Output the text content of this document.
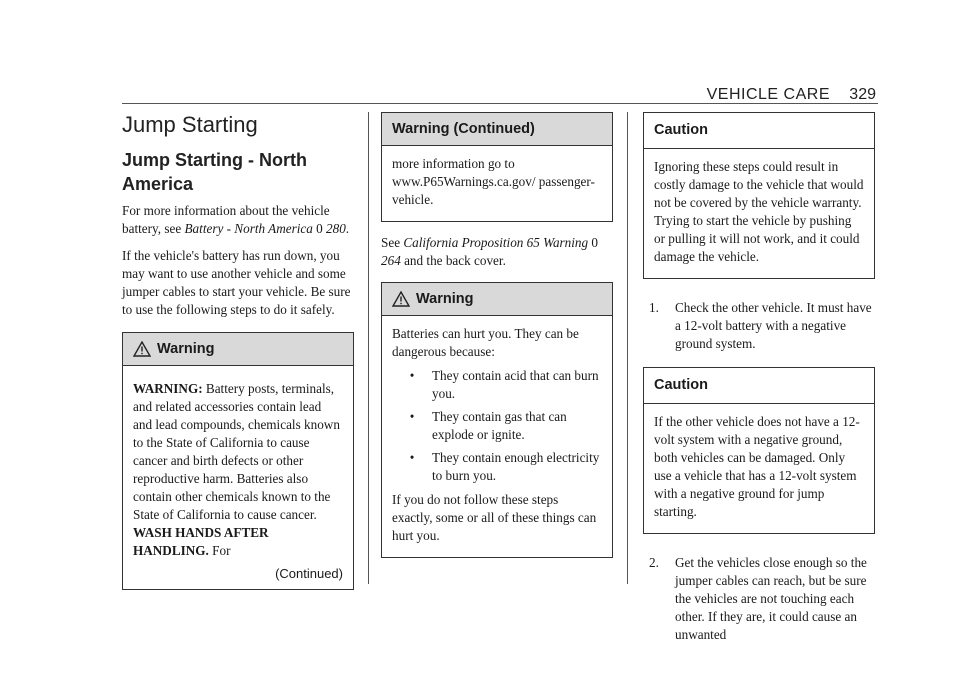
VEHICLE CARE 329
Jump Starting
Jump Starting - North America

For more information about the vehicle battery, see Battery - North America 0 280.

If the vehicle's battery has run down, you may want to use another vehicle and some jumper cables to start your vehicle. Be sure to use the following steps to do it safely.

Warning

WARNING: Battery posts, terminals, and related accessories contain lead and lead compounds, chemicals known to the State of California to cause cancer and birth defects or other reproductive harm. Batteries also contain other chemicals known to the State of California to cause cancer. WASH HANDS AFTER HANDLING. For

(Continued)
Warning (Continued)

more information go to www.P65Warnings.ca.gov/ passenger-vehicle.

See California Proposition 65 Warning 0 264 and the back cover.

Warning

Batteries can hurt you. They can be dangerous because:

•	They contain acid that can burn you.
•	They contain gas that can explode or ignite.
•	They contain enough electricity to burn you.

If you do not follow these steps exactly, some or all of these things can hurt you.

Caution

Ignoring these steps could result in costly damage to the vehicle that would not be covered by the vehicle warranty. Trying to start the vehicle by pushing or pulling it will not work, and it could damage the vehicle.

1.	Check the other vehicle. It must have a 12-volt battery with a negative ground system.
Caution

If the other vehicle does not have a 12-volt system with a negative ground, both vehicles can be damaged. Only use a vehicle that has a 12-volt system with a negative ground for jump starting.

2.	Get the vehicles close enough so the jumper cables can reach, but be sure the vehicles are not touching each other. If they are, it could cause an unwanted
